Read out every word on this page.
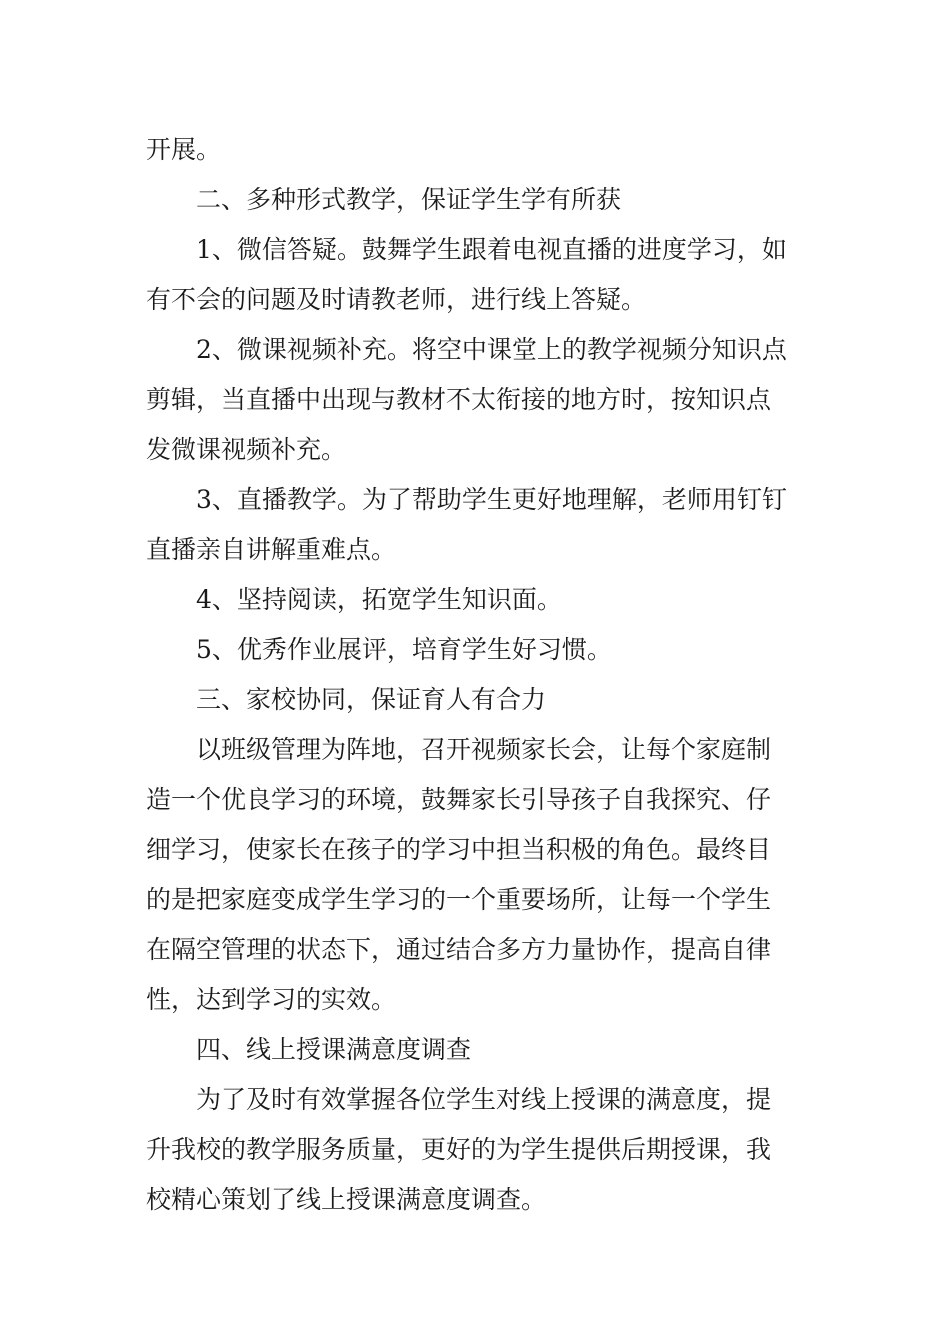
开展。
二、多种形式教学，保证学生学有所获
1、微信答疑。鼓舞学生跟着电视直播的进度学习，如
有不会的问题及时请教老师，进行线上答疑。
2、微课视频补充。将空中课堂上的教学视频分知识点
剪辑，当直播中出现与教材不太衔接的地方时，按知识点
发微课视频补充。
3、直播教学。为了帮助学生更好地理解，老师用钉钉
直播亲自讲解重难点。
4、坚持阅读，拓宽学生知识面。
5、优秀作业展评，培育学生好习惯。
三、家校协同，保证育人有合力
以班级管理为阵地，召开视频家长会，让每个家庭制
造一个优良学习的环境，鼓舞家长引导孩子自我探究、仔
细学习，使家长在孩子的学习中担当积极的角色。最终目
的是把家庭变成学生学习的一个重要场所，让每一个学生
在隔空管理的状态下，通过结合多方力量协作，提高自律
性，达到学习的实效。
四、线上授课满意度调查
为了及时有效掌握各位学生对线上授课的满意度，提
升我校的教学服务质量，更好的为学生提供后期授课，我
校精心策划了线上授课满意度调查。
